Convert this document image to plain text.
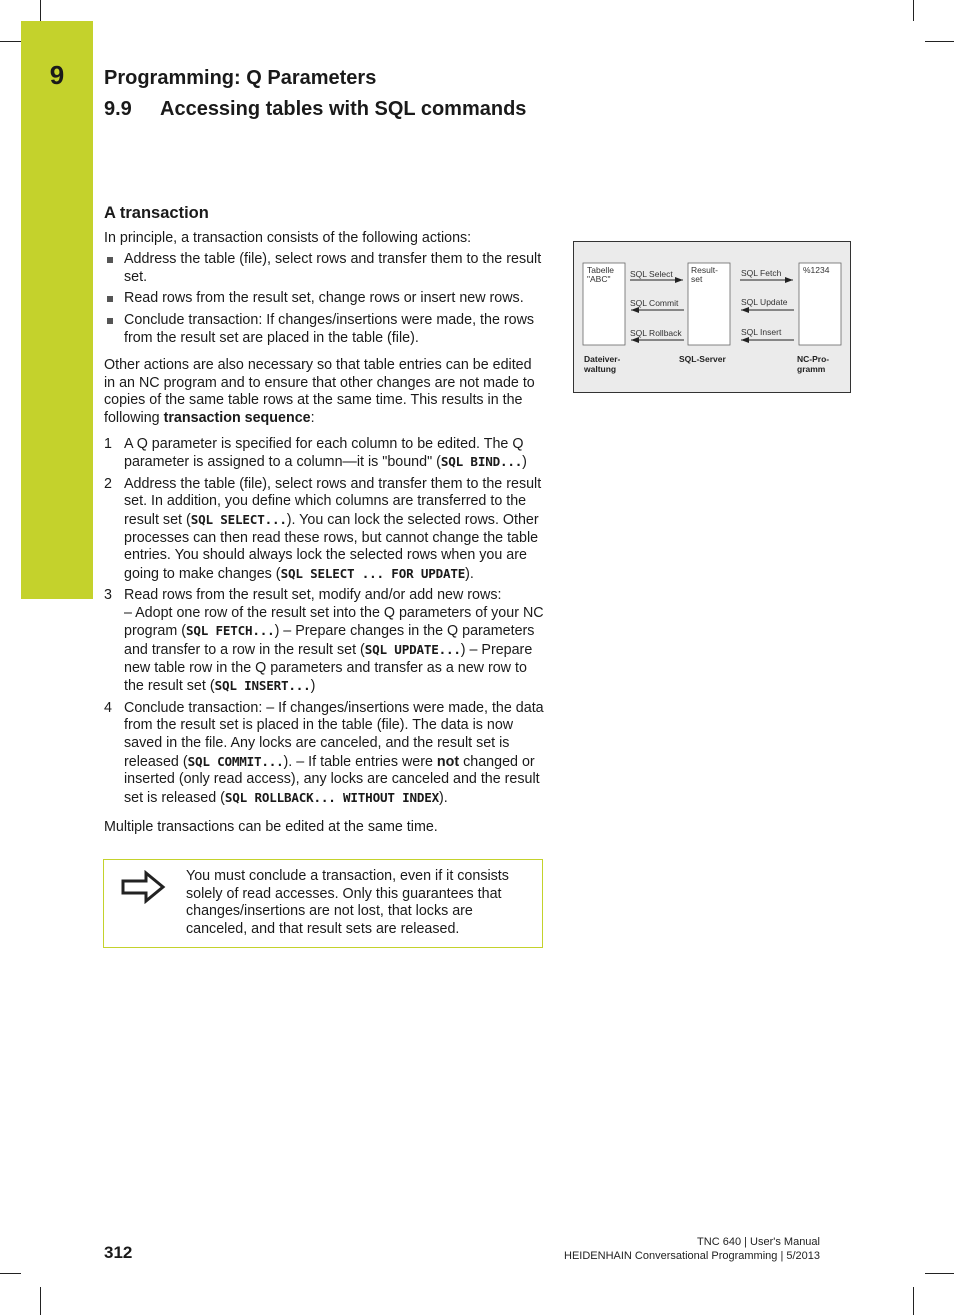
9	Programming: Q Parameters
9.9 Accessing tables with SQL commands
A transaction

In principle, a transaction consists of the following actions:

Address the table (file), select rows and transfer them to the result set.
Read rows from the result set, change rows or insert new rows.
Conclude transaction: If changes/insertions were made, the rows from the result set are placed in the table (file).

Other actions are also necessary so that table entries can be edited in an NC program and to ensure that other changes are not made to copies of the same table rows at the same time. This results in the following transaction sequence:

1 A Q parameter is specified for each column to be edited. The Q parameter is assigned to a column—it is "bound" (SQL BIND...)
2 Address the table (file), select rows and transfer them to the result set. In addition, you define which columns are transferred to the result set (SQL SELECT...). You can lock the selected rows. Other processes can then read these rows, but cannot change the table entries. You should always lock the selected rows when you are going to make changes (SQL SELECT ... FOR UPDATE).
3 Read rows from the result set, modify and/or add new rows:
– Adopt one row of the result set into the Q parameters of your NC program (SQL FETCH...) – Prepare changes in the Q parameters and transfer to a row in the result set (SQL UPDATE...) – Prepare new table row in the Q parameters and transfer as a new row to the result set (SQL INSERT...)
4 Conclude transaction: – If changes/insertions were made, the data from the result set is placed in the table (file). The data is now saved in the file. Any locks are canceled, and the result set is released (SQL COMMIT...). – If table entries were not changed or inserted (only read access), any locks are canceled and the result set is released (SQL ROLLBACK... WITHOUT INDEX).

Multiple transactions can be edited at the same time.

You must conclude a transaction, even if it consists solely of read accesses. Only this guarantees that changes/insertions are not lost, that locks are canceled, and that result sets are released.
Tabelle
"ABC"
Result-
set
%1234
SQL Select
SQL Commit
SQL Rollback
SQL Fetch
SQL Update
SQL Insert
Dateiver-
waltung
SQL-Server	NC-Pro-
gramm
312
TNC 640 | User's Manual
HEIDENHAIN Conversational Programming | 5/2013
